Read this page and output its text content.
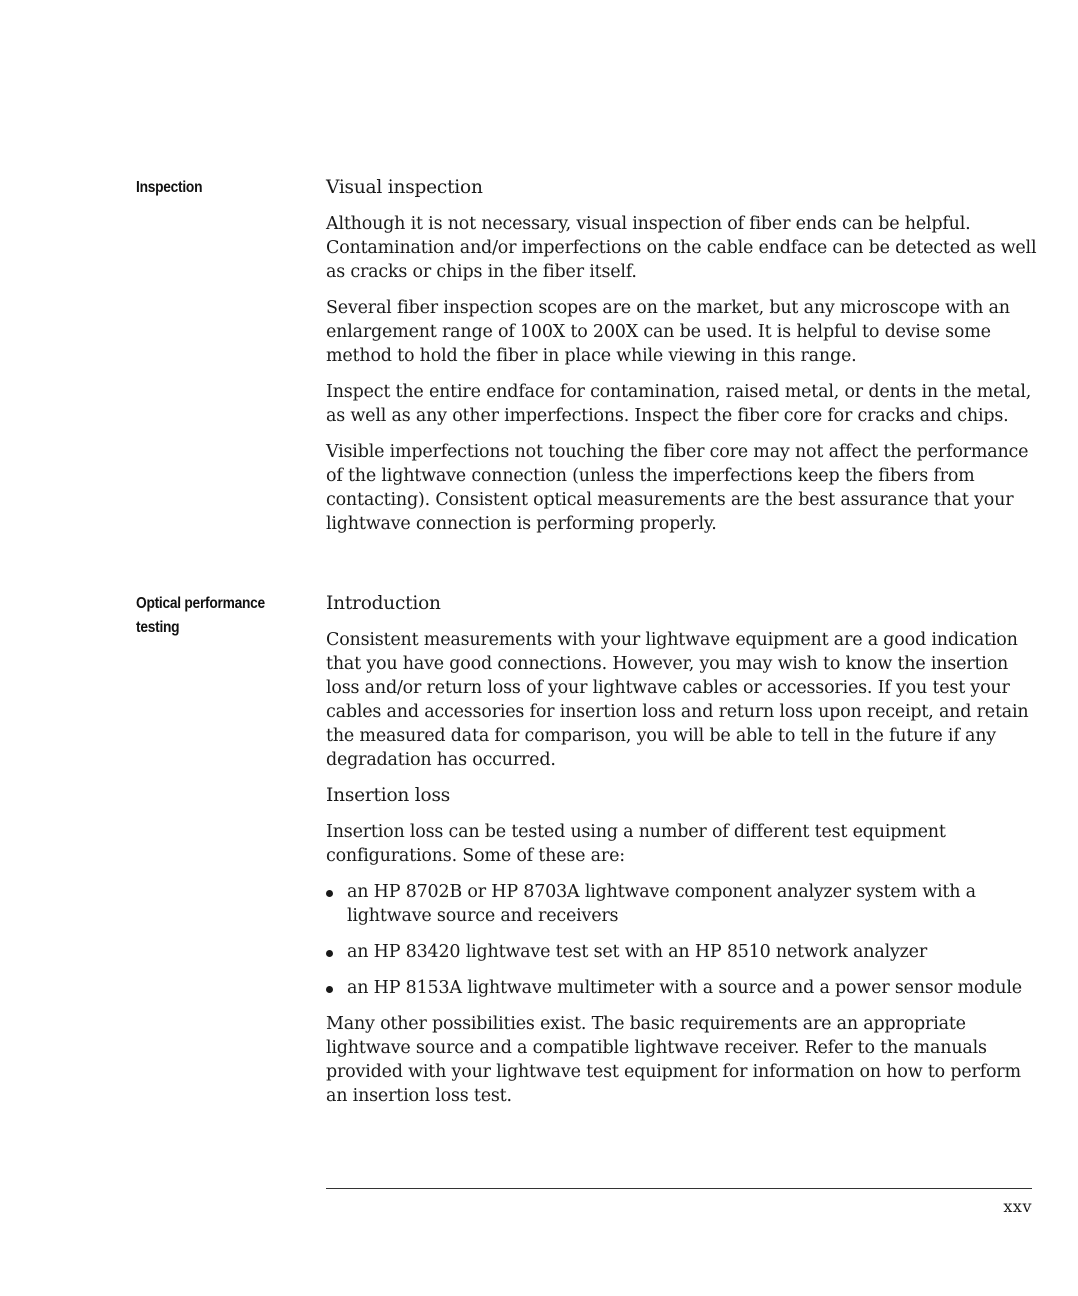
Inspection	Visual inspection

Although it is not necessary, visual inspection of fiber ends can be helpful. Contamination and/or imperfections on the cable endface can be detected as well as cracks or chips in the fiber itself.

Several fiber inspection scopes are on the market, but any microscope with an enlargement range of 100X to 200X can be used. It is helpful to devise some method to hold the fiber in place while viewing in this range.

Inspect the entire endface for contamination, raised metal, or dents in the metal, as well as any other imperfections. Inspect the fiber core for cracks and chips.

Visible imperfections not touching the fiber core may not affect the performance of the lightwave connection (unless the imperfections keep the fibers from contacting). Consistent optical measurements are the best assurance that your lightwave connection is performing properly.

Optical performance
testing
Introduction

Consistent measurements with your lightwave equipment are a good indication that you have good connections. However, you may wish to know the insertion loss and/or return loss of your lightwave cables or accessories. If you test your cables and accessories for insertion loss and return loss upon receipt, and retain the measured data for comparison, you will be able to tell in the future if any degradation has occurred.

Insertion loss

Insertion loss can be tested using a number of different test equipment configurations. Some of these are:

an HP 8702B or HP 8703A lightwave component analyzer system with a lightwave source and receivers
an HP 83420 lightwave test set with an HP 8510 network analyzer
an HP 8153A lightwave multimeter with a source and a power sensor module

Many other possibilities exist. The basic requirements are an appropriate lightwave source and a compatible lightwave receiver. Refer to the manuals provided with your lightwave test equipment for information on how to perform an insertion loss test.

xxv
